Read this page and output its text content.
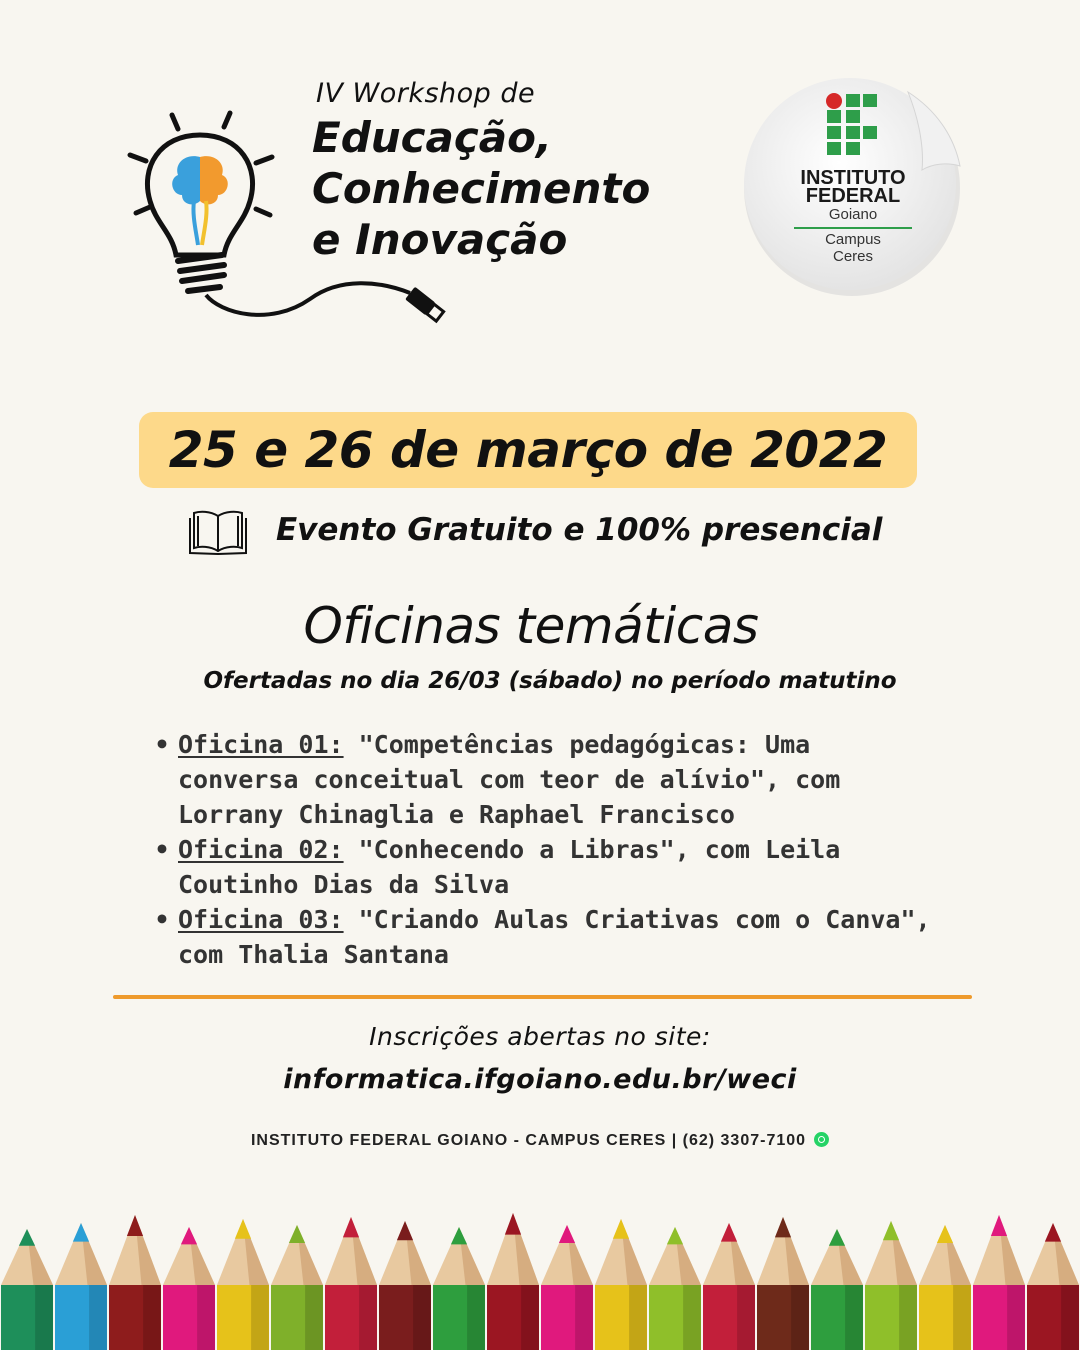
IV Workshop de
Educação,
Conhecimento
e Inovação
INSTITUTO
FEDERAL
Goiano
Campus
Ceres
25 e 26 de março de 2022
Evento Gratuito e 100% presencial
Oficinas temáticas
Ofertadas no dia 26/03 (sábado) no período matutino
• Oficina 01: "Competências pedagógicas: Uma conversa conceitual com teor de alívio", com Lorrany Chinaglia e Raphael Francisco
• Oficina 02: "Conhecendo a Libras", com Leila Coutinho Dias da Silva
• Oficina 03: "Criando Aulas Criativas com o Canva", com Thalia Santana
Inscrições abertas no site:
informatica.ifgoiano.edu.br/weci
INSTITUTO FEDERAL GOIANO - CAMPUS CERES | (62) 3307-7100
